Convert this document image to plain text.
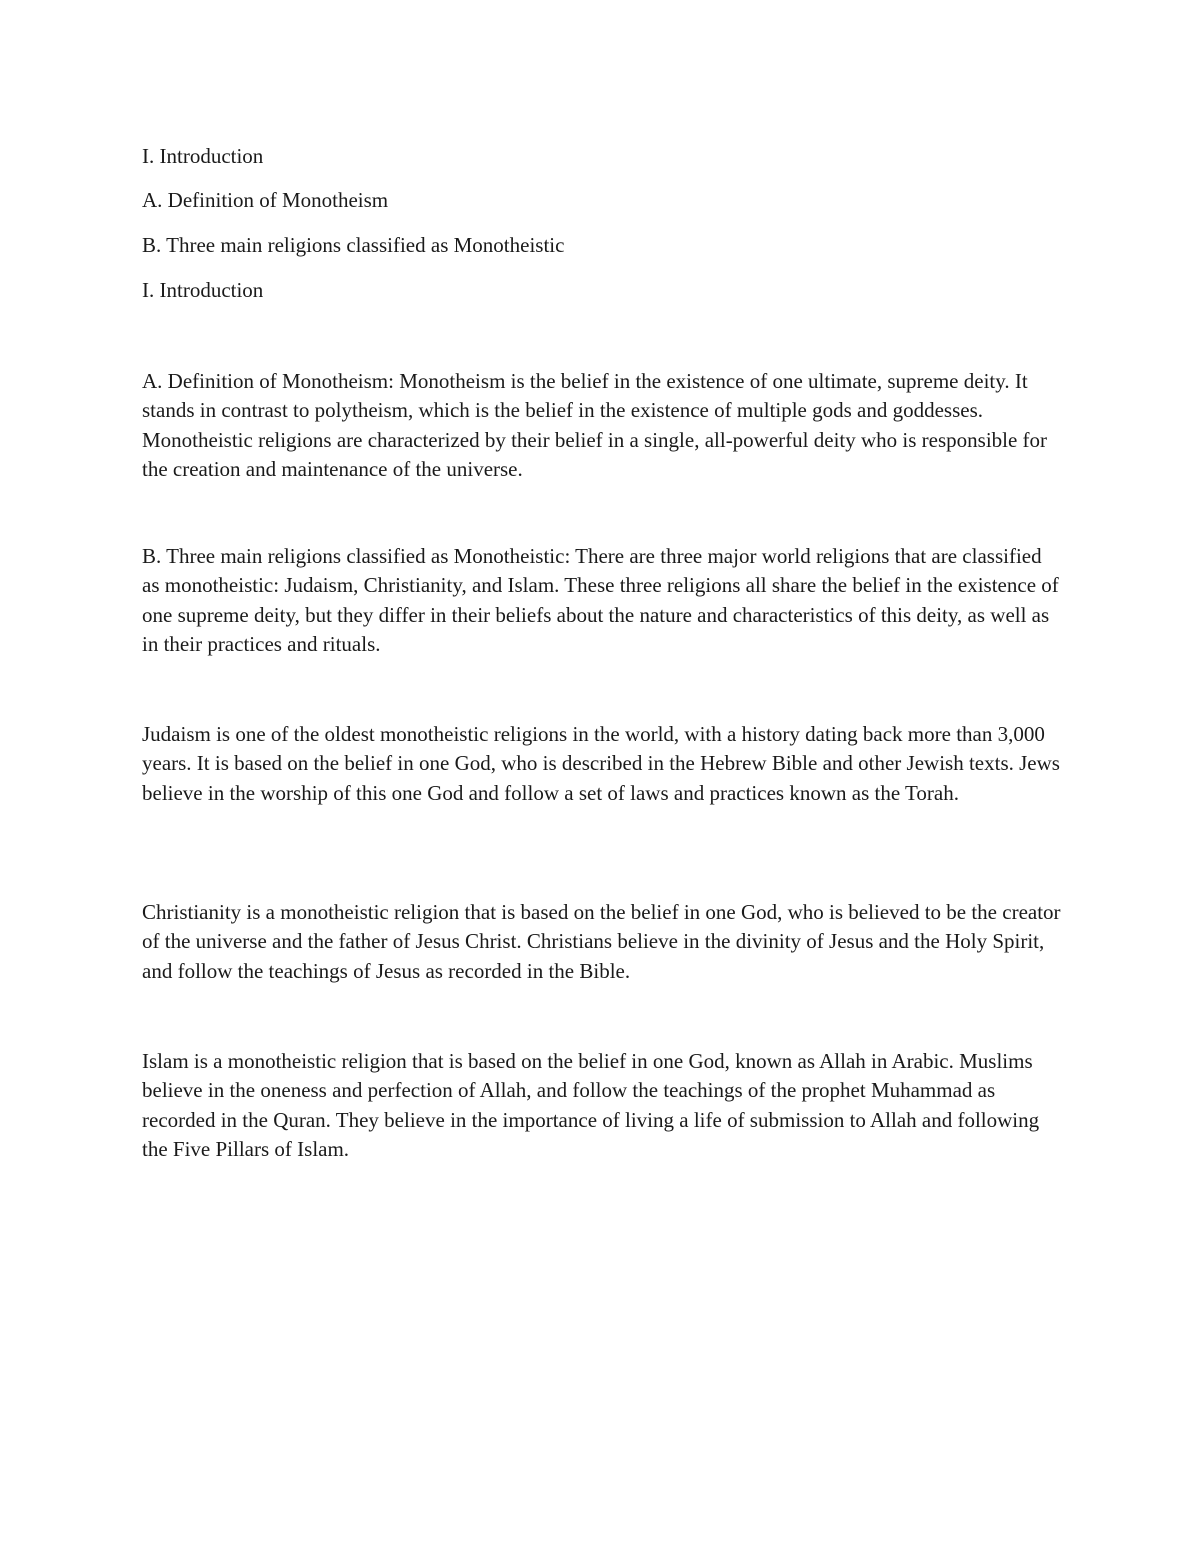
I. Introduction

A. Definition of Monotheism

B. Three main religions classified as Monotheistic

I. Introduction

A. Definition of Monotheism: Monotheism is the belief in the existence of one ultimate, supreme deity. It stands in contrast to polytheism, which is the belief in the existence of multiple gods and goddesses. Monotheistic religions are characterized by their belief in a single, all-powerful deity who is responsible for the creation and maintenance of the universe.

B. Three main religions classified as Monotheistic: There are three major world religions that are classified as monotheistic: Judaism, Christianity, and Islam. These three religions all share the belief in the existence of one supreme deity, but they differ in their beliefs about the nature and characteristics of this deity, as well as in their practices and rituals.

Judaism is one of the oldest monotheistic religions in the world, with a history dating back more than 3,000 years. It is based on the belief in one God, who is described in the Hebrew Bible and other Jewish texts. Jews believe in the worship of this one God and follow a set of laws and practices known as the Torah.

Christianity is a monotheistic religion that is based on the belief in one God, who is believed to be the creator of the universe and the father of Jesus Christ. Christians believe in the divinity of Jesus and the Holy Spirit, and follow the teachings of Jesus as recorded in the Bible.

Islam is a monotheistic religion that is based on the belief in one God, known as Allah in Arabic. Muslims believe in the oneness and perfection of Allah, and follow the teachings of the prophet Muhammad as recorded in the Quran. They believe in the importance of living a life of submission to Allah and following the Five Pillars of Islam.
